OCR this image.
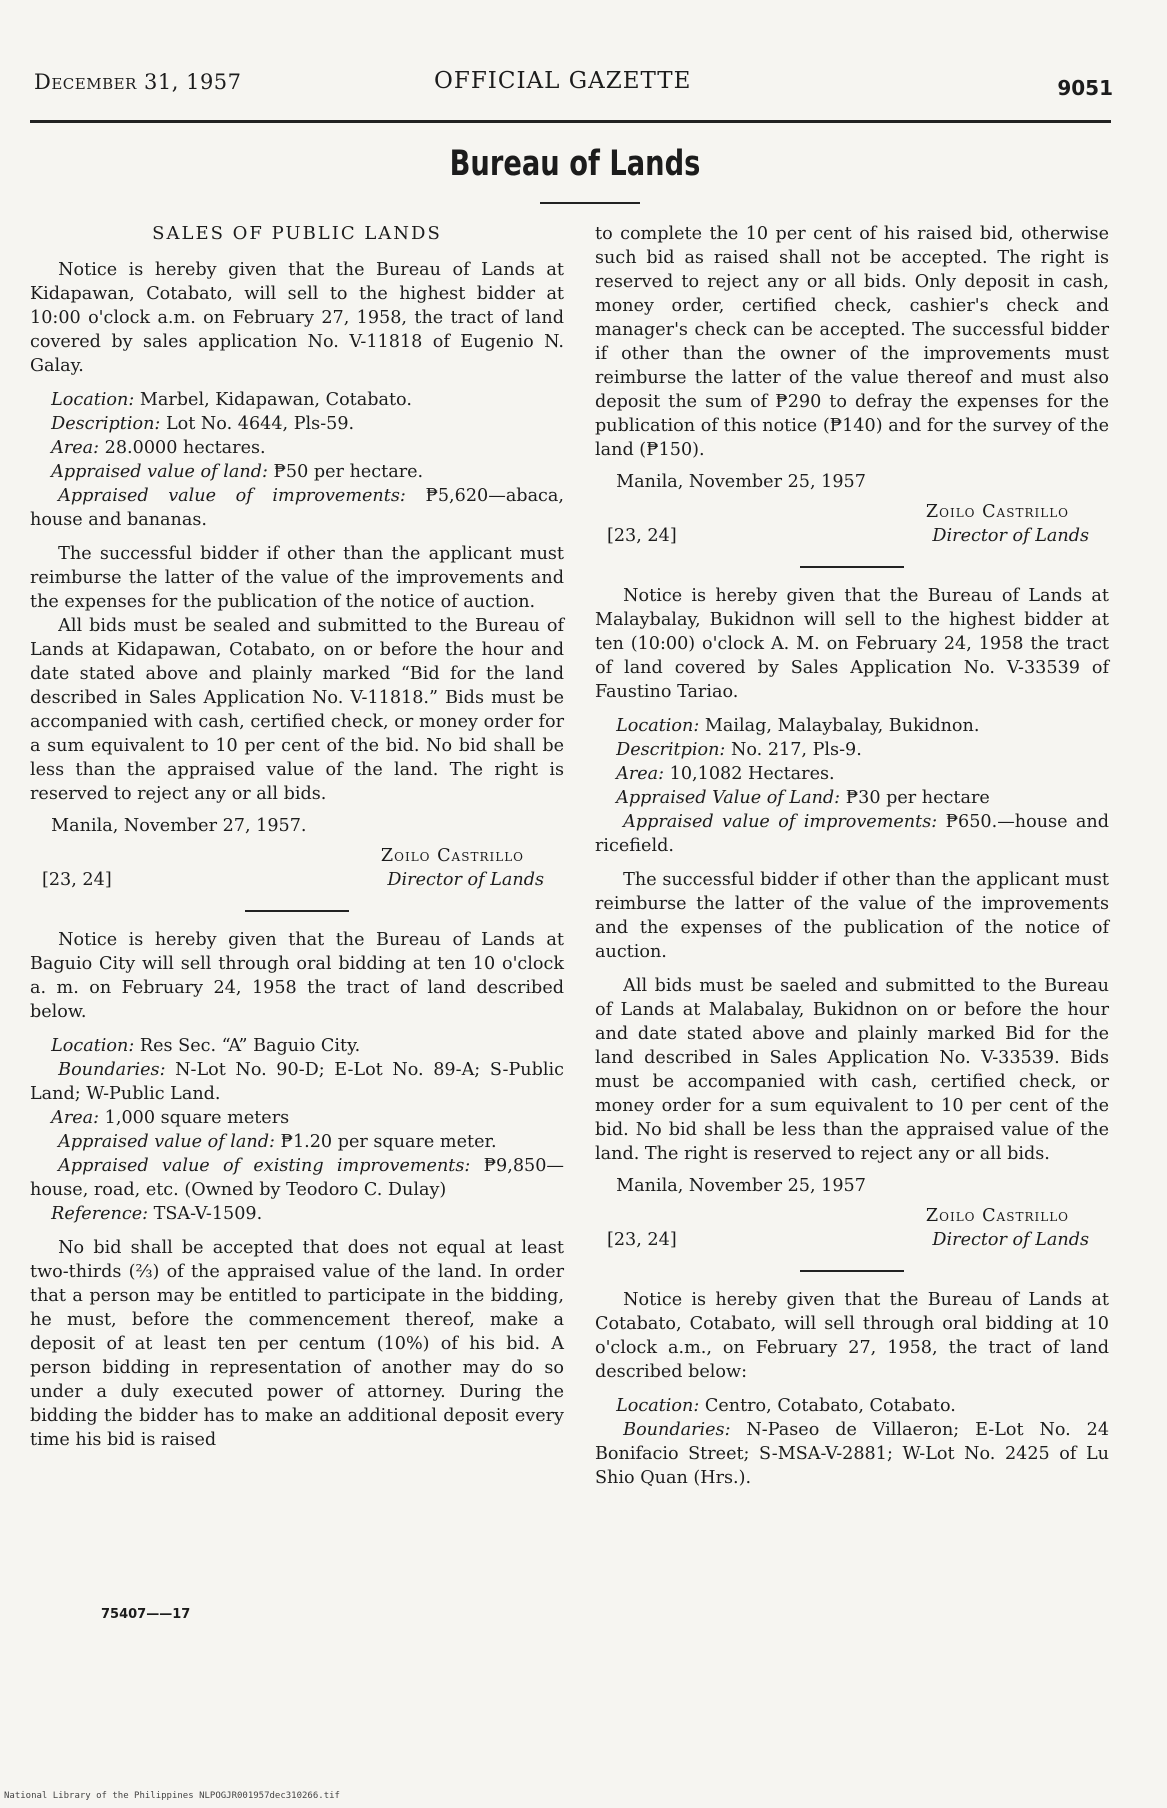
December 31, 1957	OFFICIAL GAZETTE	9051
Bureau of Lands

SALES OF PUBLIC LANDS

Notice is hereby given that the Bureau of Lands at Kidapawan, Cotabato, will sell to the highest bidder at 10:00 o'clock a.m. on February 27, 1958, the tract of land covered by sales application No. V-11818 of Eugenio N. Galay.

Location: Marbel, Kidapawan, Cotabato.

Description: Lot No. 4644, Pls-59.

Area: 28.0000 hectares.

Appraised value of land: ₱50 per hectare.

Appraised value of improvements: ₱5,620—abaca, house and bananas.

The successful bidder if other than the applicant must reimburse the latter of the value of the improvements and the expenses for the publication of the notice of auction.

All bids must be sealed and submitted to the Bureau of Lands at Kidapawan, Cotabato, on or before the hour and date stated above and plainly marked “Bid for the land described in Sales Application No. V-11818.” Bids must be accompanied with cash, certified check, or money order for a sum equivalent to 10 per cent of the bid. No bid shall be less than the appraised value of the land. The right is reserved to reject any or all bids.

Manila, November 27, 1957.

[23, 24]
Zoilo Castrillo
Director of Lands

Notice is hereby given that the Bureau of Lands at Baguio City will sell through oral bidding at ten 10 o'clock a. m. on February 24, 1958 the tract of land described below.

Location: Res Sec. “A” Baguio City.

Boundaries: N-Lot No. 90-D; E-Lot No. 89-A; S-Public Land; W-Public Land.

Area: 1,000 square meters

Appraised value of land: ₱1.20 per square meter.

Appraised value of existing improvements: ₱9,850—house, road, etc. (Owned by Teodoro C. Dulay)

Reference: TSA-V-1509.

No bid shall be accepted that does not equal at least two-thirds (⅔) of the appraised value of the land. In order that a person may be entitled to participate in the bidding, he must, before the commencement thereof, make a deposit of at least ten per centum (10%) of his bid. A person bidding in representation of another may do so under a duly executed power of attorney. During the bidding the bidder has to make an additional deposit every time his bid is raised

75407——17

to complete the 10 per cent of his raised bid, otherwise such bid as raised shall not be accepted. The right is reserved to reject any or all bids. Only deposit in cash, money order, certified check, cashier's check and manager's check can be accepted. The successful bidder if other than the owner of the improvements must reimburse the latter of the value thereof and must also deposit the sum of ₱290 to defray the expenses for the publication of this notice (₱140) and for the survey of the land (₱150).

Manila, November 25, 1957

[23, 24]
Zoilo Castrillo
Director of Lands

Notice is hereby given that the Bureau of Lands at Malaybalay, Bukidnon will sell to the highest bidder at ten (10:00) o'clock A. M. on February 24, 1958 the tract of land covered by Sales Application No. V-33539 of Faustino Tariao.

Location: Mailag, Malaybalay, Bukidnon.

Descritpion: No. 217, Pls-9.

Area: 10,1082 Hectares.

Appraised Value of Land: ₱30 per hectare

Appraised value of improvements: ₱650.—house and ricefield.

The successful bidder if other than the applicant must reimburse the latter of the value of the improvements and the expenses of the publication of the notice of auction.

All bids must be saeled and submitted to the Bureau of Lands at Malabalay, Bukidnon on or before the hour and date stated above and plainly marked Bid for the land described in Sales Application No. V-33539. Bids must be accompanied with cash, certified check, or money order for a sum equivalent to 10 per cent of the bid. No bid shall be less than the appraised value of the land. The right is reserved to reject any or all bids.

Manila, November 25, 1957

[23, 24]
Zoilo Castrillo
Director of Lands

Notice is hereby given that the Bureau of Lands at Cotabato, Cotabato, will sell through oral bidding at 10 o'clock a.m., on February 27, 1958, the tract of land described below:

Location: Centro, Cotabato, Cotabato.

Boundaries: N-Paseo de Villaeron; E-Lot No. 24 Bonifacio Street; S-MSA-V-2881; W-Lot No. 2425 of Lu Shio Quan (Hrs.).

National Library of the Philippines NLPOGJR001957dec310266.tif
